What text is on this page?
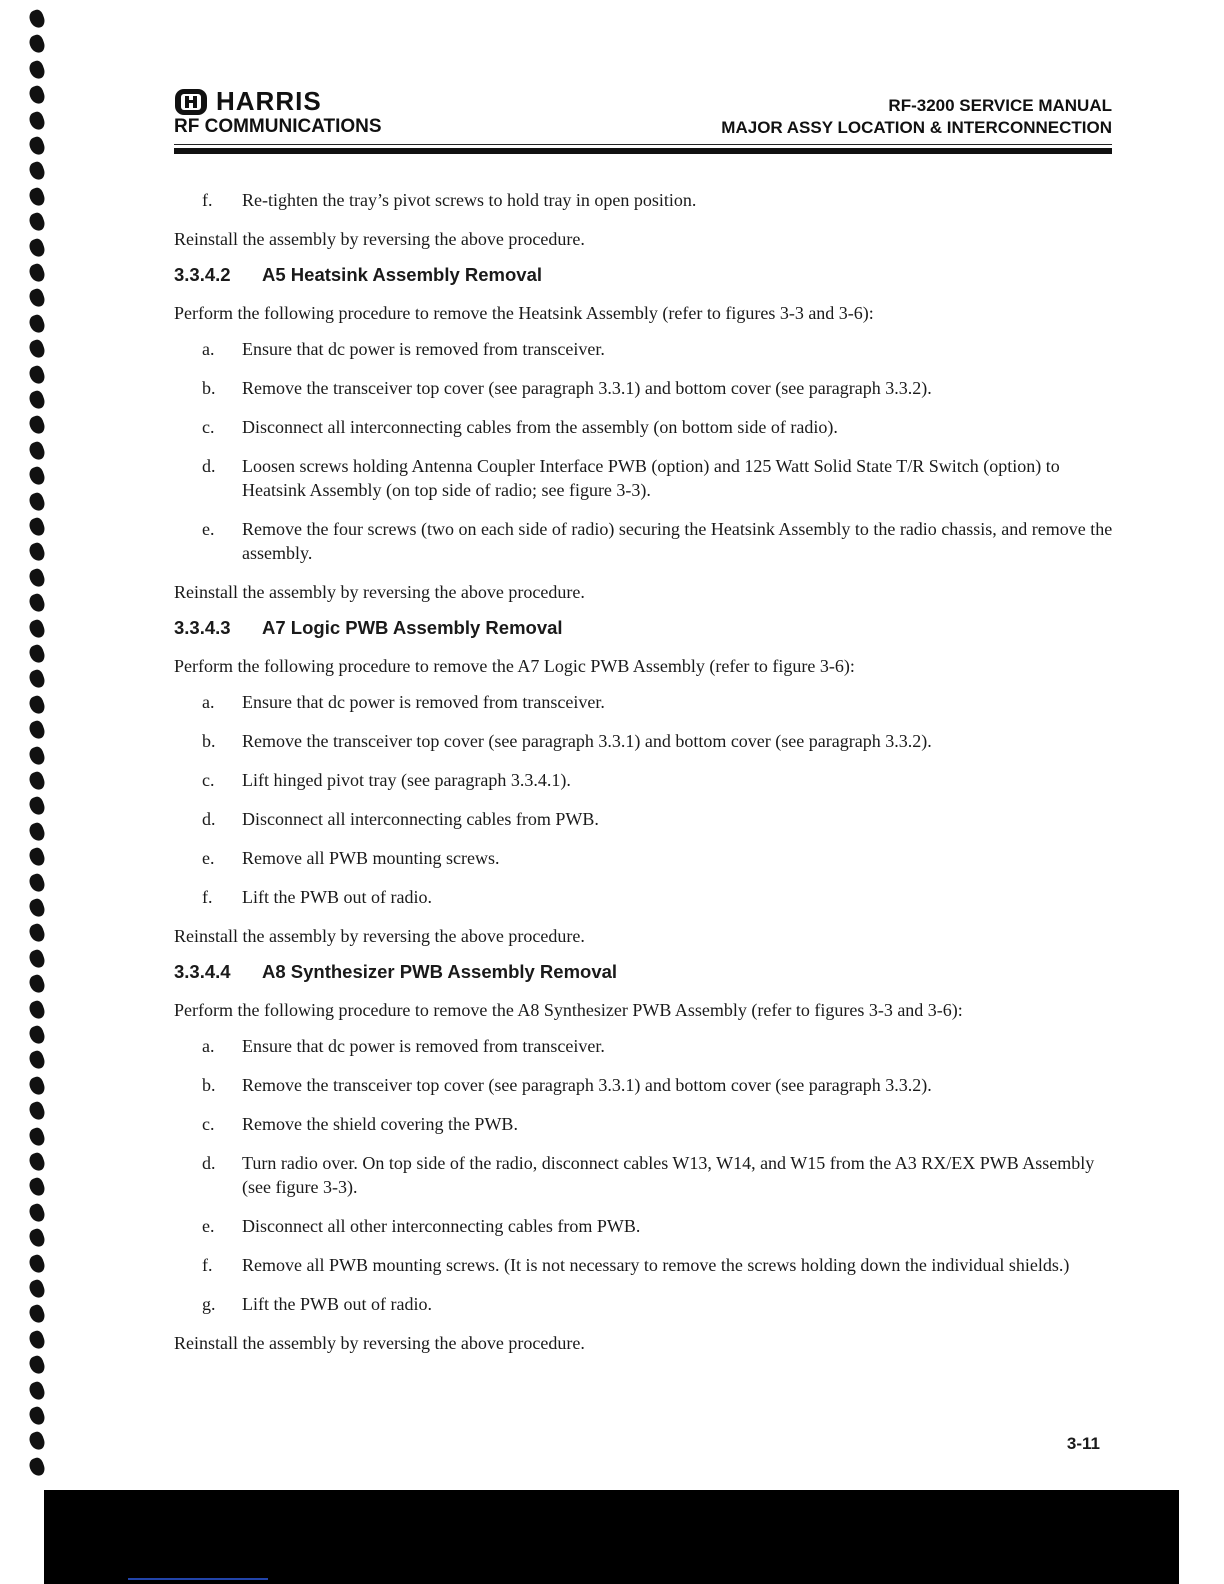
HARRIS
RF COMMUNICATIONS
RF-3200 SERVICE MANUAL
MAJOR ASSY LOCATION & INTERCONNECTION
f.	Re-tighten the tray’s pivot screws to hold tray in open position.

Reinstall the assembly by reversing the above procedure.

3.3.4.2	A5 Heatsink Assembly Removal

Perform the following procedure to remove the Heatsink Assembly (refer to figures 3-3 and 3-6):

a.	Ensure that dc power is removed from transceiver.
b.	Remove the transceiver top cover (see paragraph 3.3.1) and bottom cover (see paragraph 3.3.2).
c.	Disconnect all interconnecting cables from the assembly (on bottom side of radio).
d.	Loosen screws holding Antenna Coupler Interface PWB (option) and 125 Watt Solid State T/R Switch (option) to Heatsink Assembly (on top side of radio; see figure 3-3).
e.	Remove the four screws (two on each side of radio) securing the Heatsink Assembly to the radio chassis, and remove the assembly.

Reinstall the assembly by reversing the above procedure.

3.3.4.3	A7 Logic PWB Assembly Removal

Perform the following procedure to remove the A7 Logic PWB Assembly (refer to figure 3-6):

a.	Ensure that dc power is removed from transceiver.
b.	Remove the transceiver top cover (see paragraph 3.3.1) and bottom cover (see paragraph 3.3.2).
c.	Lift hinged pivot tray (see paragraph 3.3.4.1).
d.	Disconnect all interconnecting cables from PWB.
e.	Remove all PWB mounting screws.
f.	Lift the PWB out of radio.

Reinstall the assembly by reversing the above procedure.

3.3.4.4	A8 Synthesizer PWB Assembly Removal

Perform the following procedure to remove the A8 Synthesizer PWB Assembly (refer to figures 3-3 and 3-6):

a.	Ensure that dc power is removed from transceiver.
b.	Remove the transceiver top cover (see paragraph 3.3.1) and bottom cover (see paragraph 3.3.2).
c.	Remove the shield covering the PWB.
d.	Turn radio over. On top side of the radio, disconnect cables W13, W14, and W15 from the A3 RX/EX PWB Assembly (see figure 3-3).
e.	Disconnect all other interconnecting cables from PWB.
f.	Remove all PWB mounting screws. (It is not necessary to remove the screws holding down the individual shields.)
g.	Lift the PWB out of radio.

Reinstall the assembly by reversing the above procedure.

3-11
